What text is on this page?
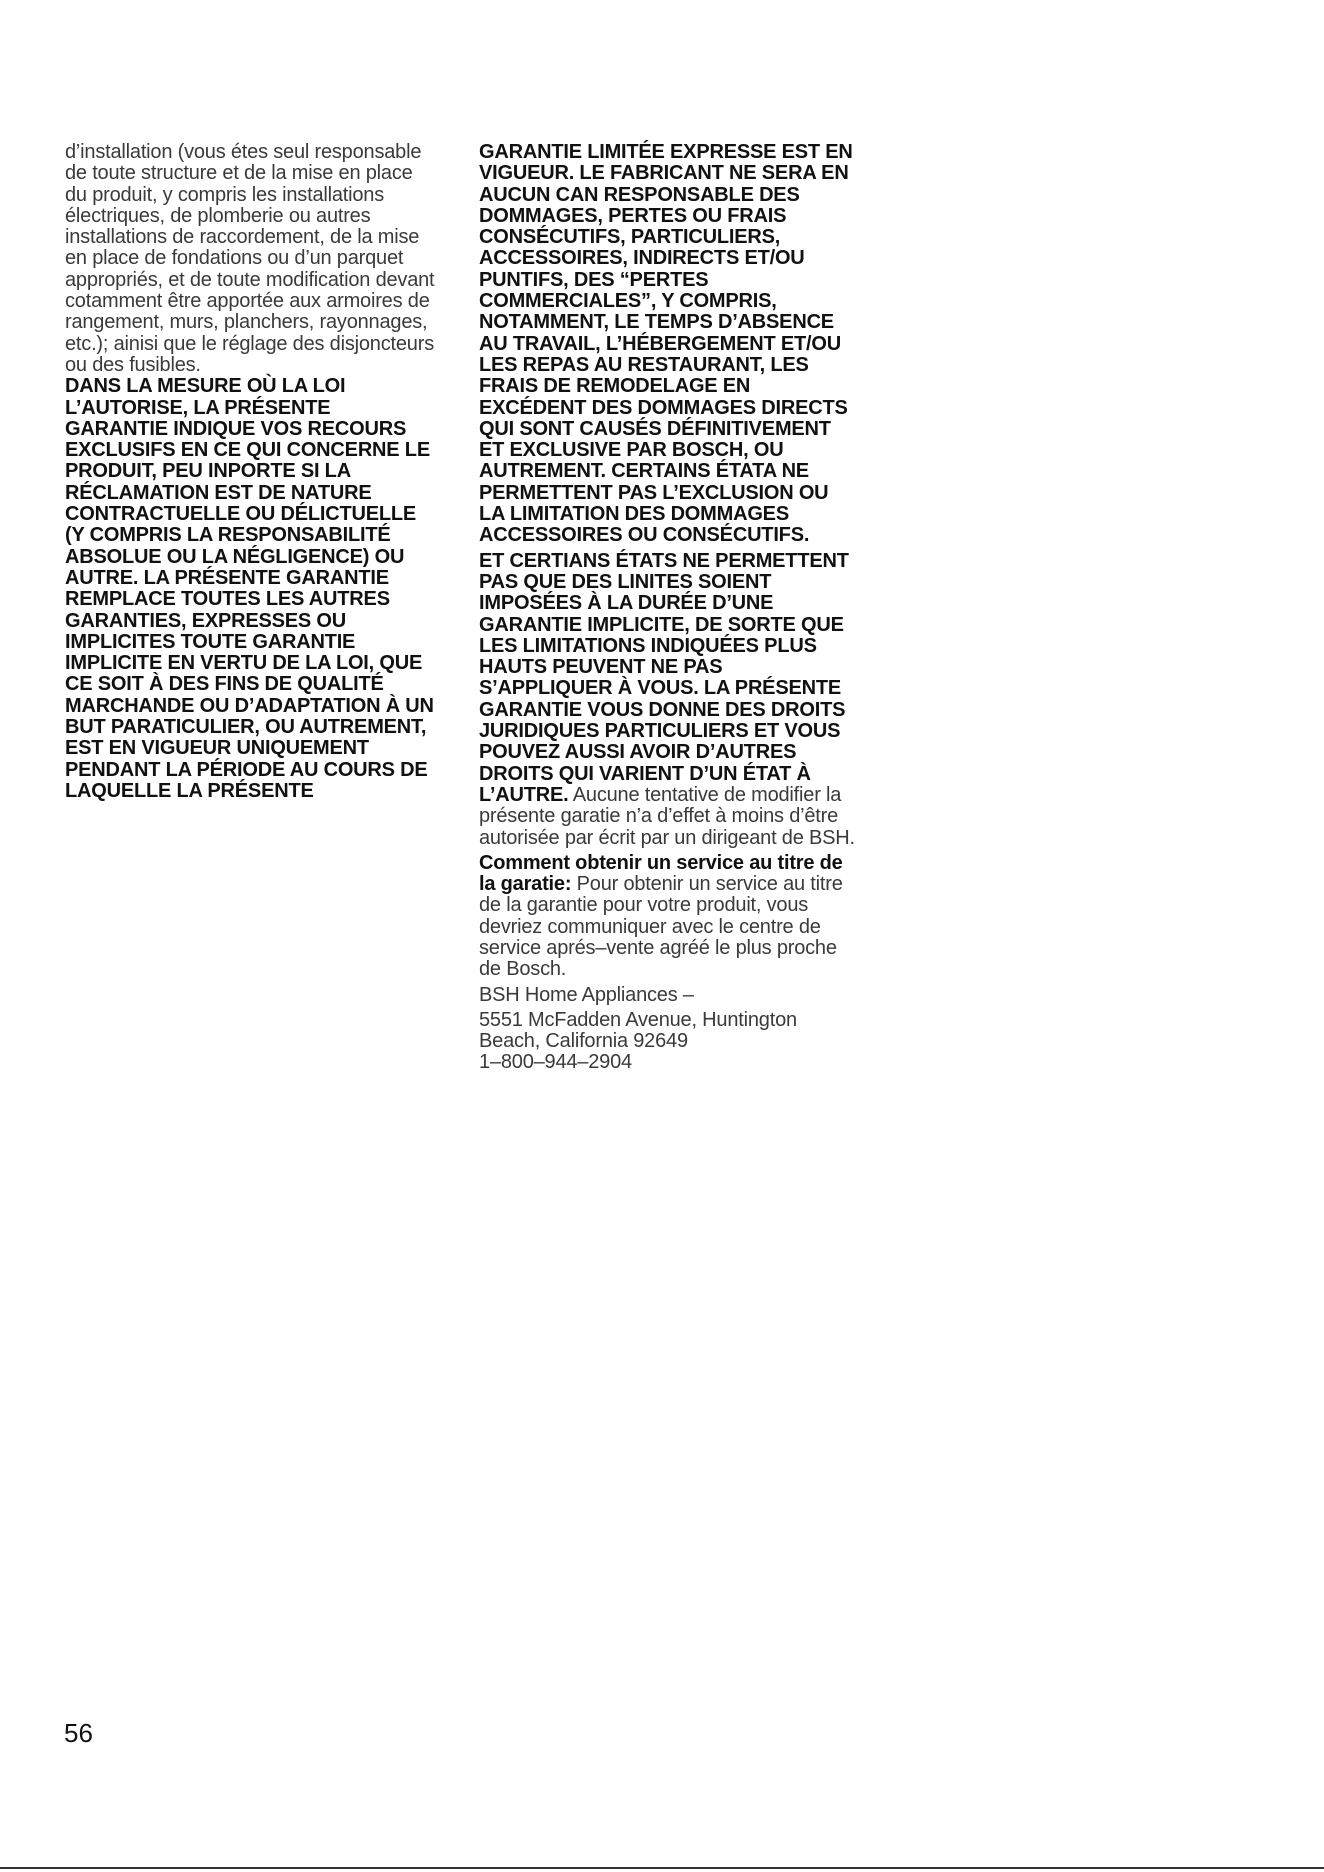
d’installation (vous étes seul responsable de toute structure et de la mise en place du produit, y compris les installations électriques, de plomberie ou autres installations de raccordement, de la mise en place de fondations ou d’un parquet appropriés, et de toute modification devant cotamment être apportée aux armoires de rangement, murs, planchers, rayonnages, etc.); ainisi que le réglage des disjoncteurs ou des fusibles.

DANS LA MESURE OÙ LA LOI L’AUTORISE, LA PRÉSENTE GARANTIE INDIQUE VOS RECOURS EXCLUSIFS EN CE QUI CONCERNE LE PRODUIT, PEU INPORTE SI LA RÉCLAMATION EST DE NATURE CONTRACTUELLE OU DÉLICTUELLE (Y COMPRIS LA RESPONSABILITÉ ABSOLUE OU LA NÉGLIGENCE) OU AUTRE. LA PRÉSENTE GARANTIE REMPLACE TOUTES LES AUTRES GARANTIES, EXPRESSES OU IMPLICITES TOUTE GARANTIE IMPLICITE EN VERTU DE LA LOI, QUE CE SOIT À DES FINS DE QUALITÉ MARCHANDE OU D’ADAPTATION À UN BUT PARATICULIER, OU AUTREMENT, EST EN VIGUEUR UNIQUEMENT PENDANT LA PÉRIODE AU COURS DE LAQUELLE LA PRÉSENTE

GARANTIE LIMITÉE EXPRESSE EST EN VIGUEUR. LE FABRICANT NE SERA EN AUCUN CAN RESPONSABLE DES DOMMAGES, PERTES OU FRAIS CONSÉCUTIFS, PARTICULIERS, ACCESSOIRES, INDIRECTS ET/OU PUNTIFS, DES “PERTES COMMERCIALES”, Y COMPRIS, NOTAMMENT, LE TEMPS D’ABSENCE AU TRAVAIL, L’HÉBERGEMENT ET/OU LES REPAS AU RESTAURANT, LES FRAIS DE REMODELAGE EN EXCÉDENT DES DOMMAGES DIRECTS QUI SONT CAUSÉS DÉFINITIVEMENT ET EXCLUSIVE PAR BOSCH, OU AUTREMENT. CERTAINS ÉTATA NE PERMETTENT PAS L’EXCLUSION OU LA LIMITATION DES DOMMAGES ACCESSOIRES OU CONSÉCUTIFS.

ET CERTIANS ÉTATS NE PERMETTENT PAS QUE DES LINITES SOIENT IMPOSÉES À LA DURÉE D’UNE GARANTIE IMPLICITE, DE SORTE QUE LES LIMITATIONS INDIQUÉES PLUS HAUTS PEUVENT NE PAS S’APPLIQUER À VOUS. LA PRÉSENTE GARANTIE VOUS DONNE DES DROITS JURIDIQUES PARTICULIERS ET VOUS POUVEZ AUSSI AVOIR D’AUTRES DROITS QUI VARIENT D’UN ÉTAT À L’AUTRE. Aucune tentative de modifier la présente garatie n’a d’effet à moins d’être autorisée par écrit par un dirigeant de BSH.

Comment obtenir un service au titre de la garatie: Pour obtenir un service au titre de la garantie pour votre produit, vous devriez communiquer avec le centre de service aprés–vente agréé le plus proche de Bosch.

BSH Home Appliances –

5551 McFadden Avenue, Huntington Beach, California 92649

1–800–944–2904

56
